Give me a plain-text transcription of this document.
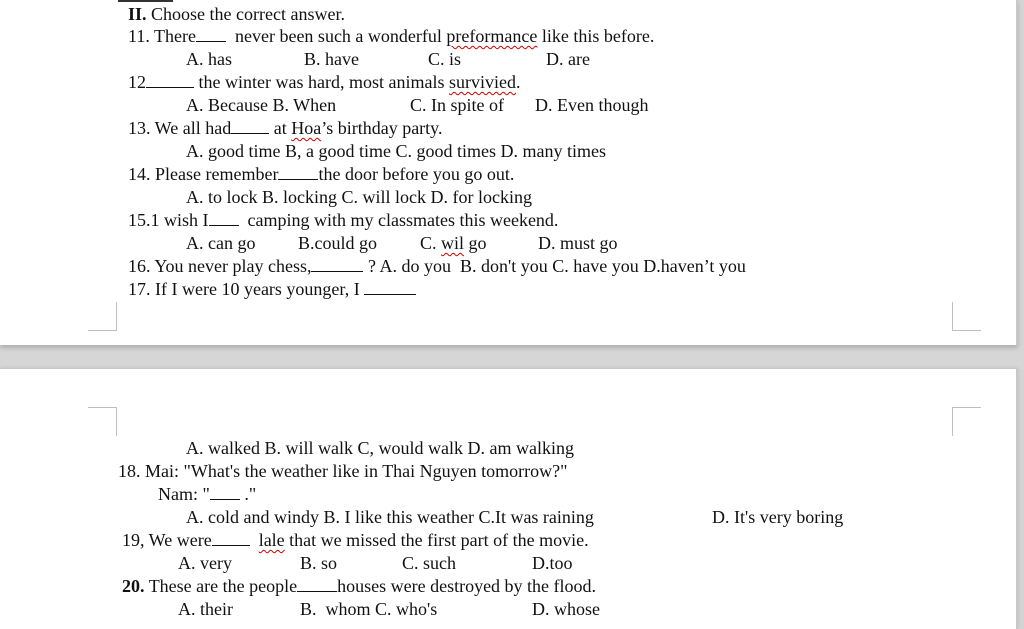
II. Choose the correct answer.
11. There never been such a wonderful preformance like this before.
A. has	B. have	C. is	D. are
12	the winter was hard, most animals survivied.
A. Because B. When	C. In spite of D. Even though
13. We all had at Hoa’s birthday party.
A. good time B, a good time C. good times D. many times
14. Please remember the door before you go out.
A. to lock B. locking C. will lock D. for locking
15.1 wish I camping with my classmates this weekend.
A. can go B.could go C. wil go	D. must go
16. You never play chess,	? A. do you  B. don't you C. have you D.haven’t you
17. If I were 10 years younger, I
A. walked B. will walk C, would walk D. am walking
18. Mai: "What's the weather like in Thai Nguyen tomorrow?"
Nam: " ."
A. cold and windy B. I like this weather C.It was raining	D. It's very boring
19, We were	lale that we missed the first part of the movie.
A. very	B. so	C. such	D.too
20. These are the people houses were destroyed by the flood.
A. their	B.  whom C. who's	D. whose
